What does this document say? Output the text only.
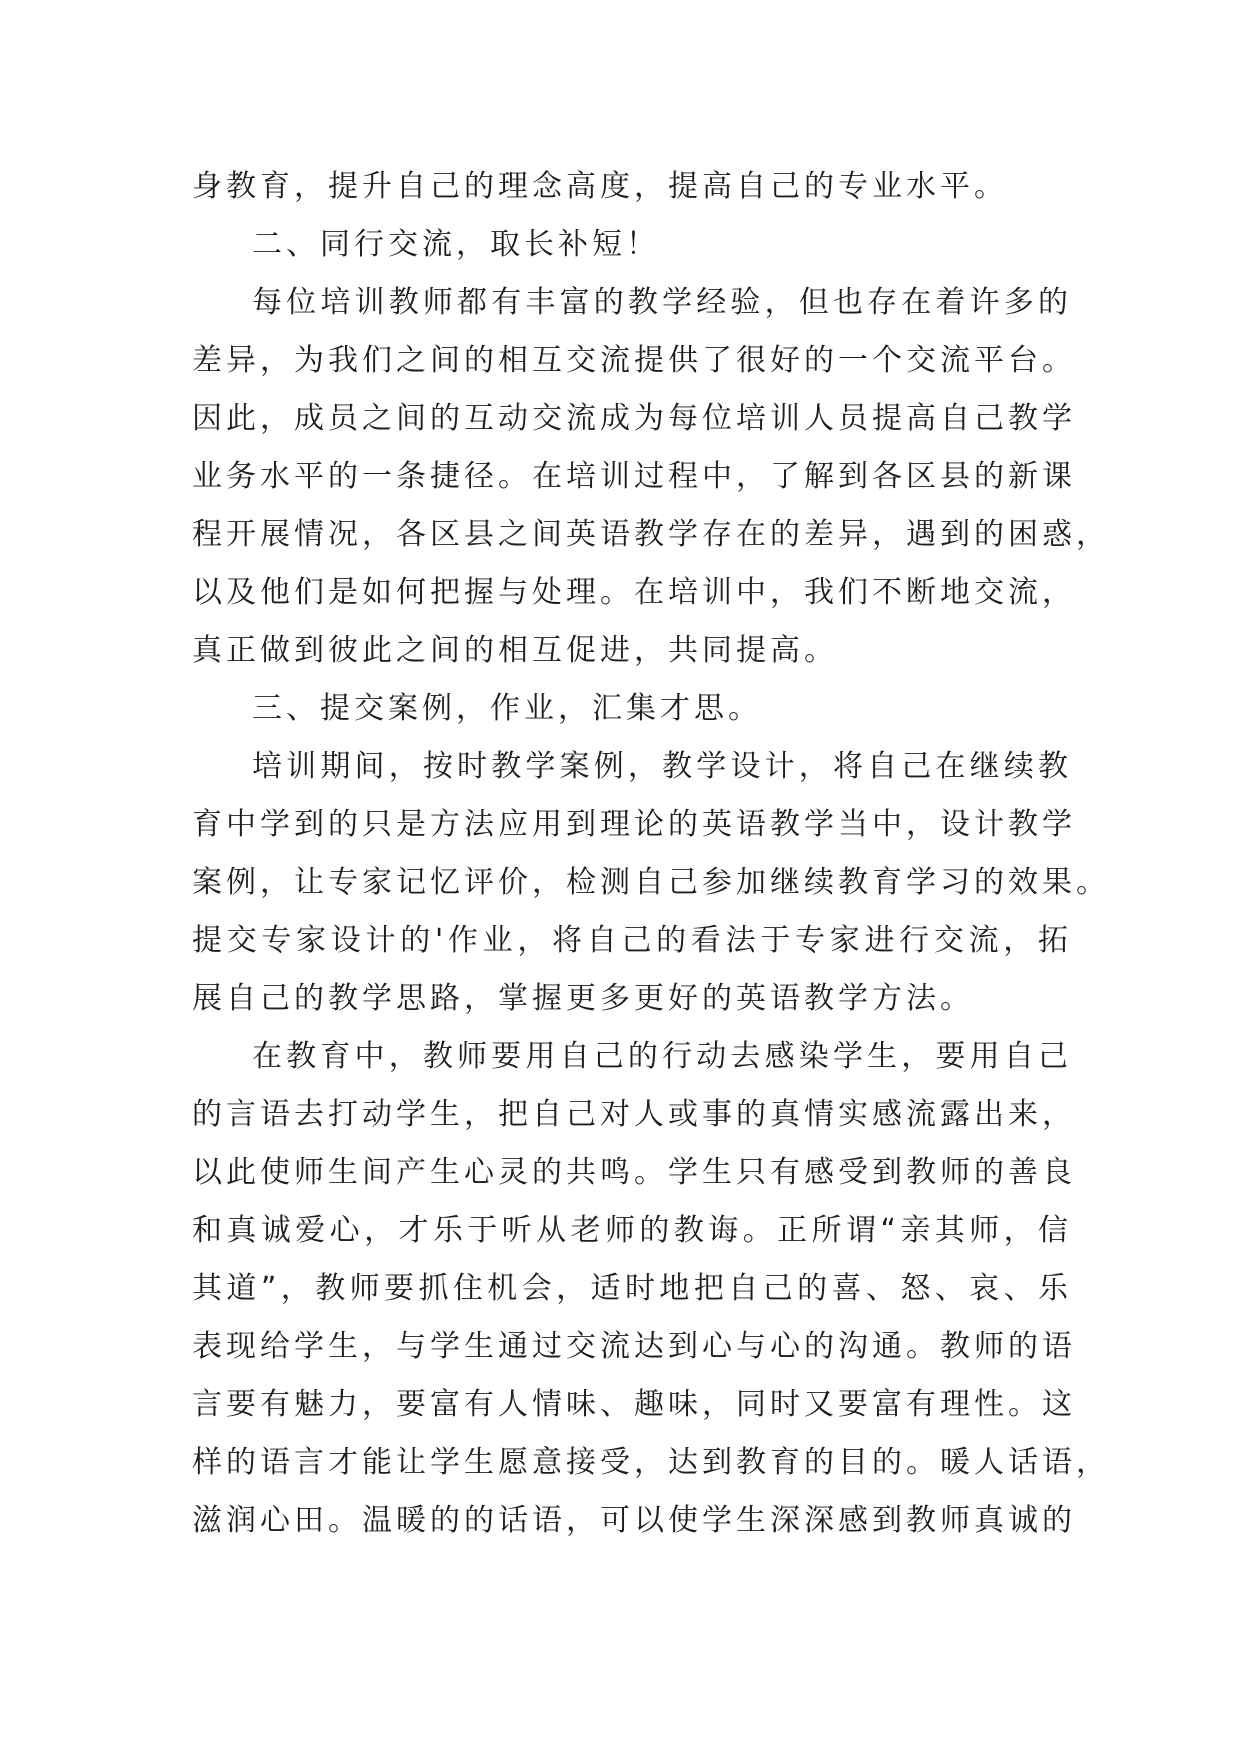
身教育，提升自己的理念高度，提高自己的专业水平。
二、同行交流，取长补短！
每位培训教师都有丰富的教学经验，但也存在着许多的
差异，为我们之间的相互交流提供了很好的一个交流平台。
因此，成员之间的互动交流成为每位培训人员提高自己教学
业务水平的一条捷径。在培训过程中，了解到各区县的新课
程开展情况，各区县之间英语教学存在的差异，遇到的困惑，
以及他们是如何把握与处理。在培训中，我们不断地交流，
真正做到彼此之间的相互促进，共同提高。
三、提交案例，作业，汇集才思。
培训期间，按时教学案例，教学设计，将自己在继续教
育中学到的只是方法应用到理论的英语教学当中，设计教学
案例，让专家记忆评价，检测自己参加继续教育学习的效果。
提交专家设计的'作业，将自己的看法于专家进行交流，拓
展自己的教学思路，掌握更多更好的英语教学方法。
在教育中，教师要用自己的行动去感染学生，要用自己
的言语去打动学生，把自己对人或事的真情实感流露出来，
以此使师生间产生心灵的共鸣。学生只有感受到教师的善良
和真诚爱心，才乐于听从老师的教诲。正所谓“亲其师，信
其道”，教师要抓住机会，适时地把自己的喜、怒、哀、乐
表现给学生，与学生通过交流达到心与心的沟通。教师的语
言要有魅力，要富有人情味、趣味，同时又要富有理性。这
样的语言才能让学生愿意接受，达到教育的目的。暖人话语，
滋润心田。温暖的的话语，可以使学生深深感到教师真诚的
